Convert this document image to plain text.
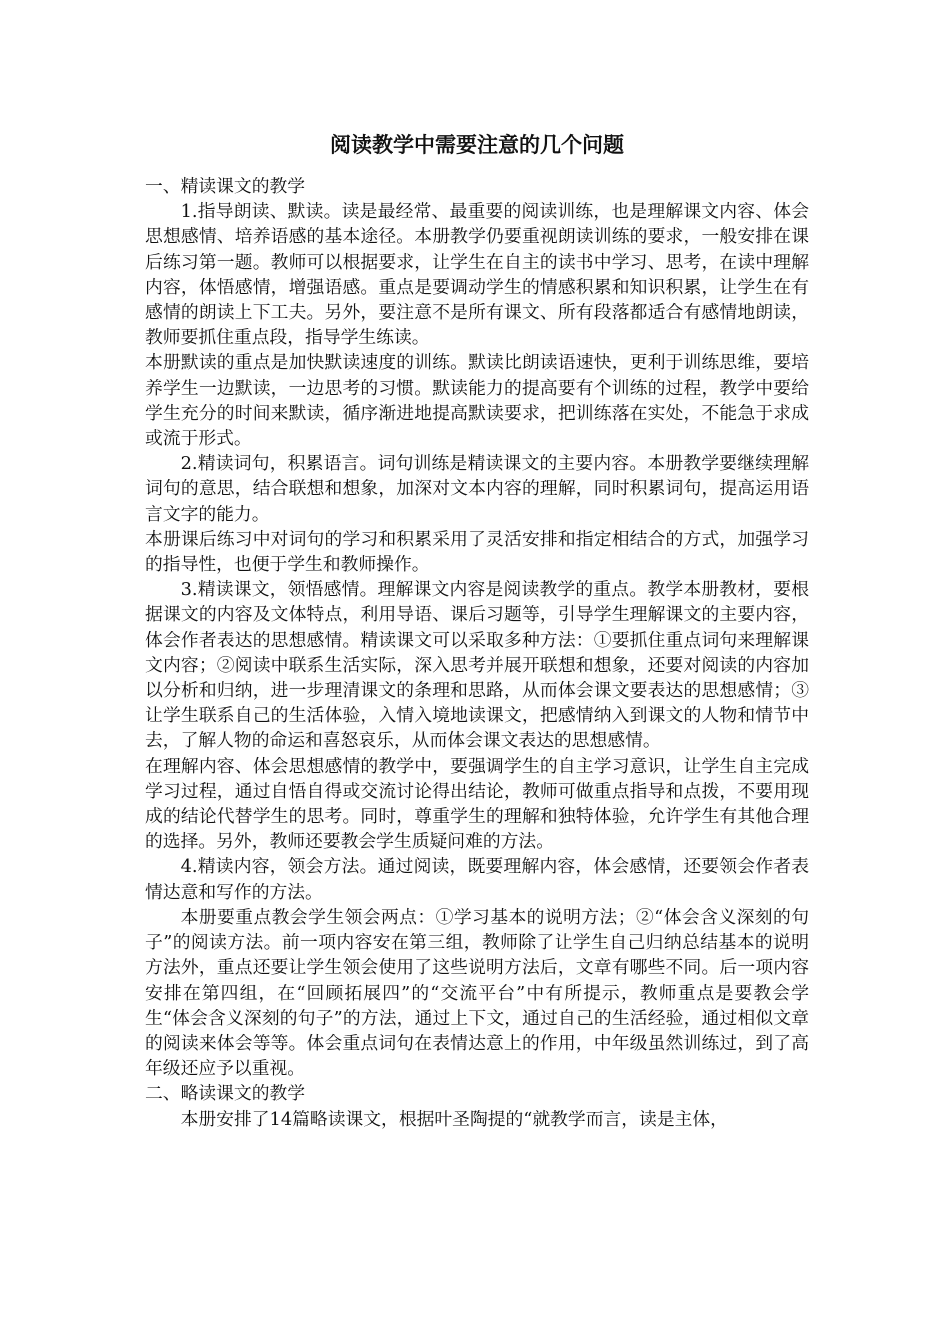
阅读教学中需要注意的几个问题

一、精读课文的教学

1.指导朗读、默读。读是最经常、最重要的阅读训练，也是理解课文内容、体会思想感情、培养语感的基本途径。本册教学仍要重视朗读训练的要求，一般安排在课后练习第一题。教师可以根据要求，让学生在自主的读书中学习、思考，在读中理解内容，体悟感情，增强语感。重点是要调动学生的情感积累和知识积累，让学生在有感情的朗读上下工夫。另外，要注意不是所有课文、所有段落都适合有感情地朗读，教师要抓住重点段，指导学生练读。

本册默读的重点是加快默读速度的训练。默读比朗读语速快，更利于训练思维，要培养学生一边默读，一边思考的习惯。默读能力的提高要有个训练的过程，教学中要给学生充分的时间来默读，循序渐进地提高默读要求，把训练落在实处，不能急于求成或流于形式。

2.精读词句，积累语言。词句训练是精读课文的主要内容。本册教学要继续理解词句的意思，结合联想和想象，加深对文本内容的理解，同时积累词句，提高运用语言文字的能力。

本册课后练习中对词句的学习和积累采用了灵活安排和指定相结合的方式，加强学习的指导性，也便于学生和教师操作。

3.精读课文，领悟感情。理解课文内容是阅读教学的重点。教学本册教材，要根据课文的内容及文体特点，利用导语、课后习题等，引导学生理解课文的主要内容，体会作者表达的思想感情。精读课文可以采取多种方法：①要抓住重点词句来理解课文内容；②阅读中联系生活实际，深入思考并展开联想和想象，还要对阅读的内容加以分析和归纳，进一步理清课文的条理和思路，从而体会课文要表达的思想感情；③让学生联系自己的生活体验，入情入境地读课文，把感情纳入到课文的人物和情节中去，了解人物的命运和喜怒哀乐，从而体会课文表达的思想感情。

在理解内容、体会思想感情的教学中，要强调学生的自主学习意识，让学生自主完成学习过程，通过自悟自得或交流讨论得出结论，教师可做重点指导和点拨，不要用现成的结论代替学生的思考。同时，尊重学生的理解和独特体验，允许学生有其他合理的选择。另外，教师还要教会学生质疑问难的方法。

4.精读内容，领会方法。通过阅读，既要理解内容，体会感情，还要领会作者表情达意和写作的方法。

本册要重点教会学生领会两点：①学习基本的说明方法；②“体会含义深刻的句子”的阅读方法。前一项内容安在第三组，教师除了让学生自己归纳总结基本的说明方法外，重点还要让学生领会使用了这些说明方法后，文章有哪些不同。后一项内容安排在第四组，在“回顾拓展四”的“交流平台”中有所提示，教师重点是要教会学生“体会含义深刻的句子”的方法，通过上下文，通过自己的生活经验，通过相似文章的阅读来体会等等。体会重点词句在表情达意上的作用，中年级虽然训练过，到了高年级还应予以重视。

二、略读课文的教学

本册安排了14篇略读课文，根据叶圣陶提的“就教学而言，读是主体，
